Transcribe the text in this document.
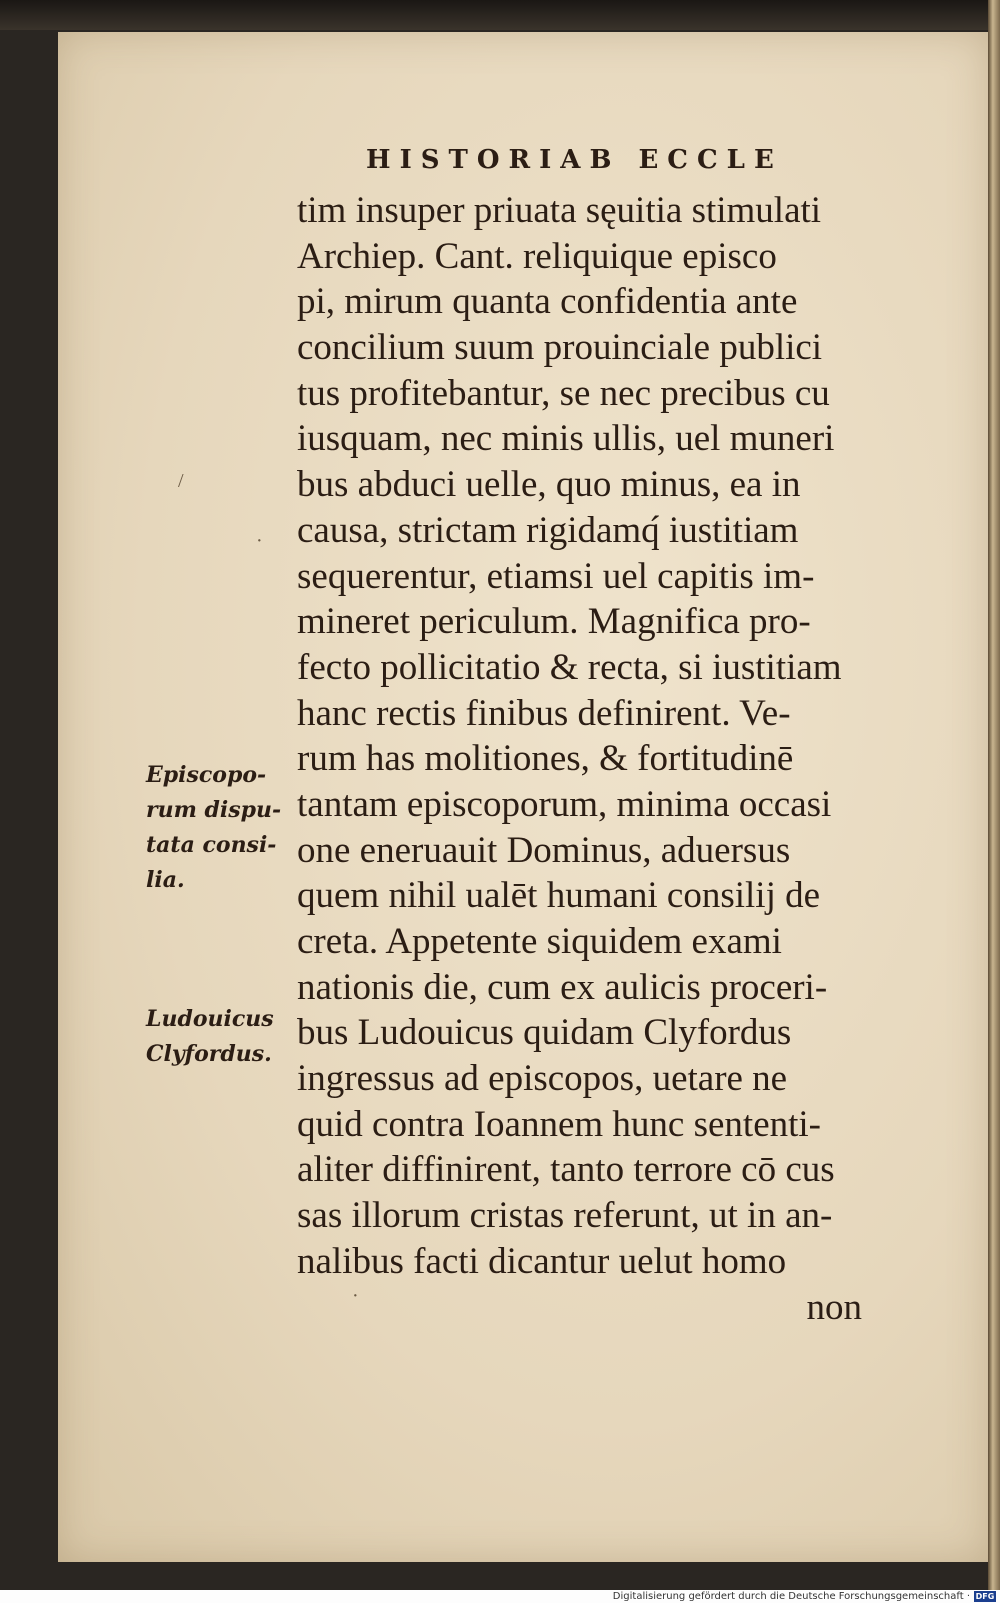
HISTORIAB ECCLE
tim insuper priuata sęuitia stimulati
Archiep. Cant. reliquique episco
pi, mirum quanta confidentia ante
concilium suum prouinciale publici
tus profitebantur, se nec precibus cu
iusquam, nec minis ullis, uel muneri
bus abduci uelle, quo minus, ea in
causa, strictam rigidamq́ iustitiam
sequerentur, etiamsi uel capitis im-
mineret periculum. Magnifica pro-
fecto pollicitatio & recta, si iustitiam
hanc rectis finibus definirent. Ve-
rum has molitiones, & fortitudinē
tantam episcoporum, minima occasi
one eneruauit Dominus, aduersus
quem nihil ualēt humani consilij de
creta. Appetente siquidem exami
nationis die, cum ex aulicis proceri-
bus Ludouicus quidam Clyfordus
ingressus ad episcopos, uetare ne
quid contra Ioannem hunc sententi-
aliter diffinirent, tanto terrore cō cus
sas illorum cristas referunt, ut in an-
nalibus facti dicantur uelut homo
non
Episcopo-
rum dispu-
tata consi-
lia.
Ludouicus
Clyfordus.
/
·
·
Digitalisierung gefördert durch die Deutsche Forschungsgemeinschaft · DFG
